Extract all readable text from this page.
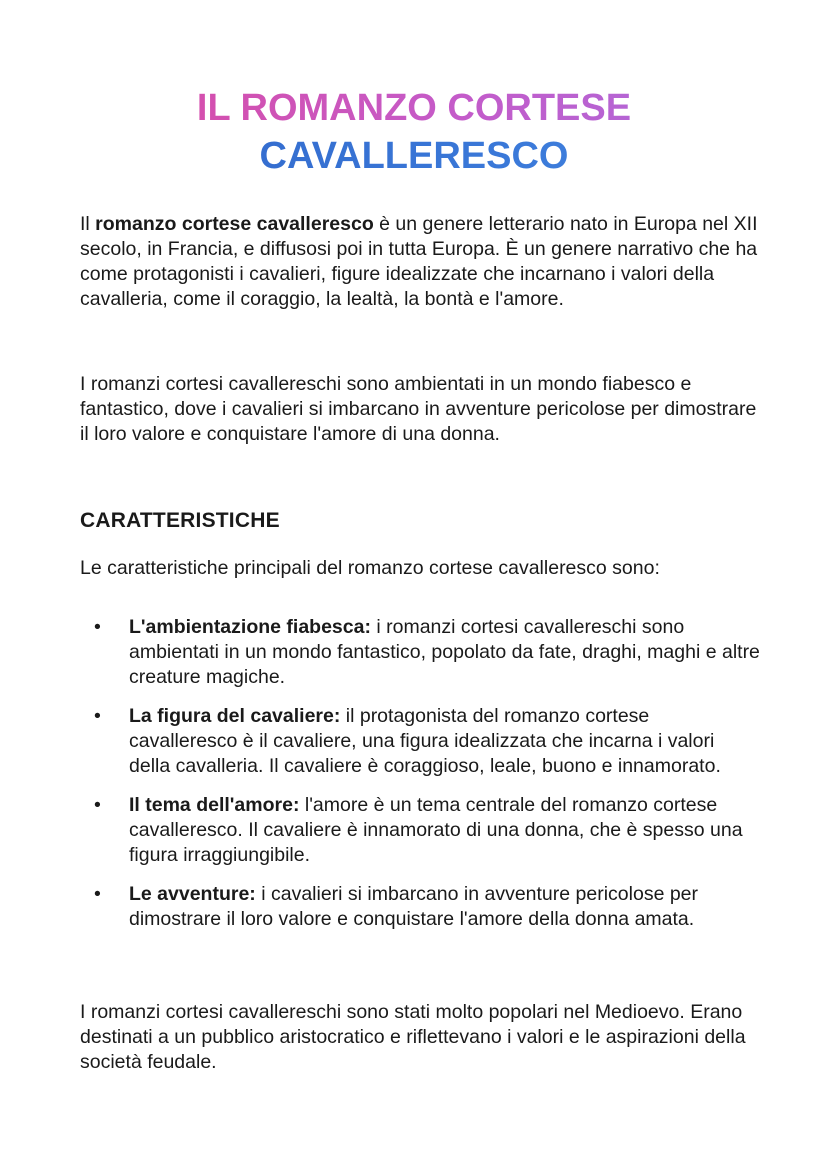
IL ROMANZO CORTESE
CAVALLERESCO

Il romanzo cortese cavalleresco è un genere letterario nato in Europa nel XII secolo, in Francia, e diffusosi poi in tutta Europa. È un genere narrativo che ha come protagonisti i cavalieri, figure idealizzate che incarnano i valori della cavalleria, come il coraggio, la lealtà, la bontà e l'amore.

I romanzi cortesi cavallereschi sono ambientati in un mondo fiabesco e fantastico, dove i cavalieri si imbarcano in avventure pericolose per dimostrare il loro valore e conquistare l'amore di una donna.

CARATTERISTICHE

Le caratteristiche principali del romanzo cortese cavalleresco sono:

• L'ambientazione fiabesca: i romanzi cortesi cavallereschi sono ambientati in un mondo fantastico, popolato da fate, draghi, maghi e altre creature magiche.
• La figura del cavaliere: il protagonista del romanzo cortese cavalleresco è il cavaliere, una figura idealizzata che incarna i valori della cavalleria. Il cavaliere è coraggioso, leale, buono e innamorato.
• Il tema dell'amore: l'amore è un tema centrale del romanzo cortese cavalleresco. Il cavaliere è innamorato di una donna, che è spesso una figura irraggiungibile.
• Le avventure: i cavalieri si imbarcano in avventure pericolose per dimostrare il loro valore e conquistare l'amore della donna amata.

I romanzi cortesi cavallereschi sono stati molto popolari nel Medioevo. Erano destinati a un pubblico aristocratico e riflettevano i valori e le aspirazioni della società feudale.
